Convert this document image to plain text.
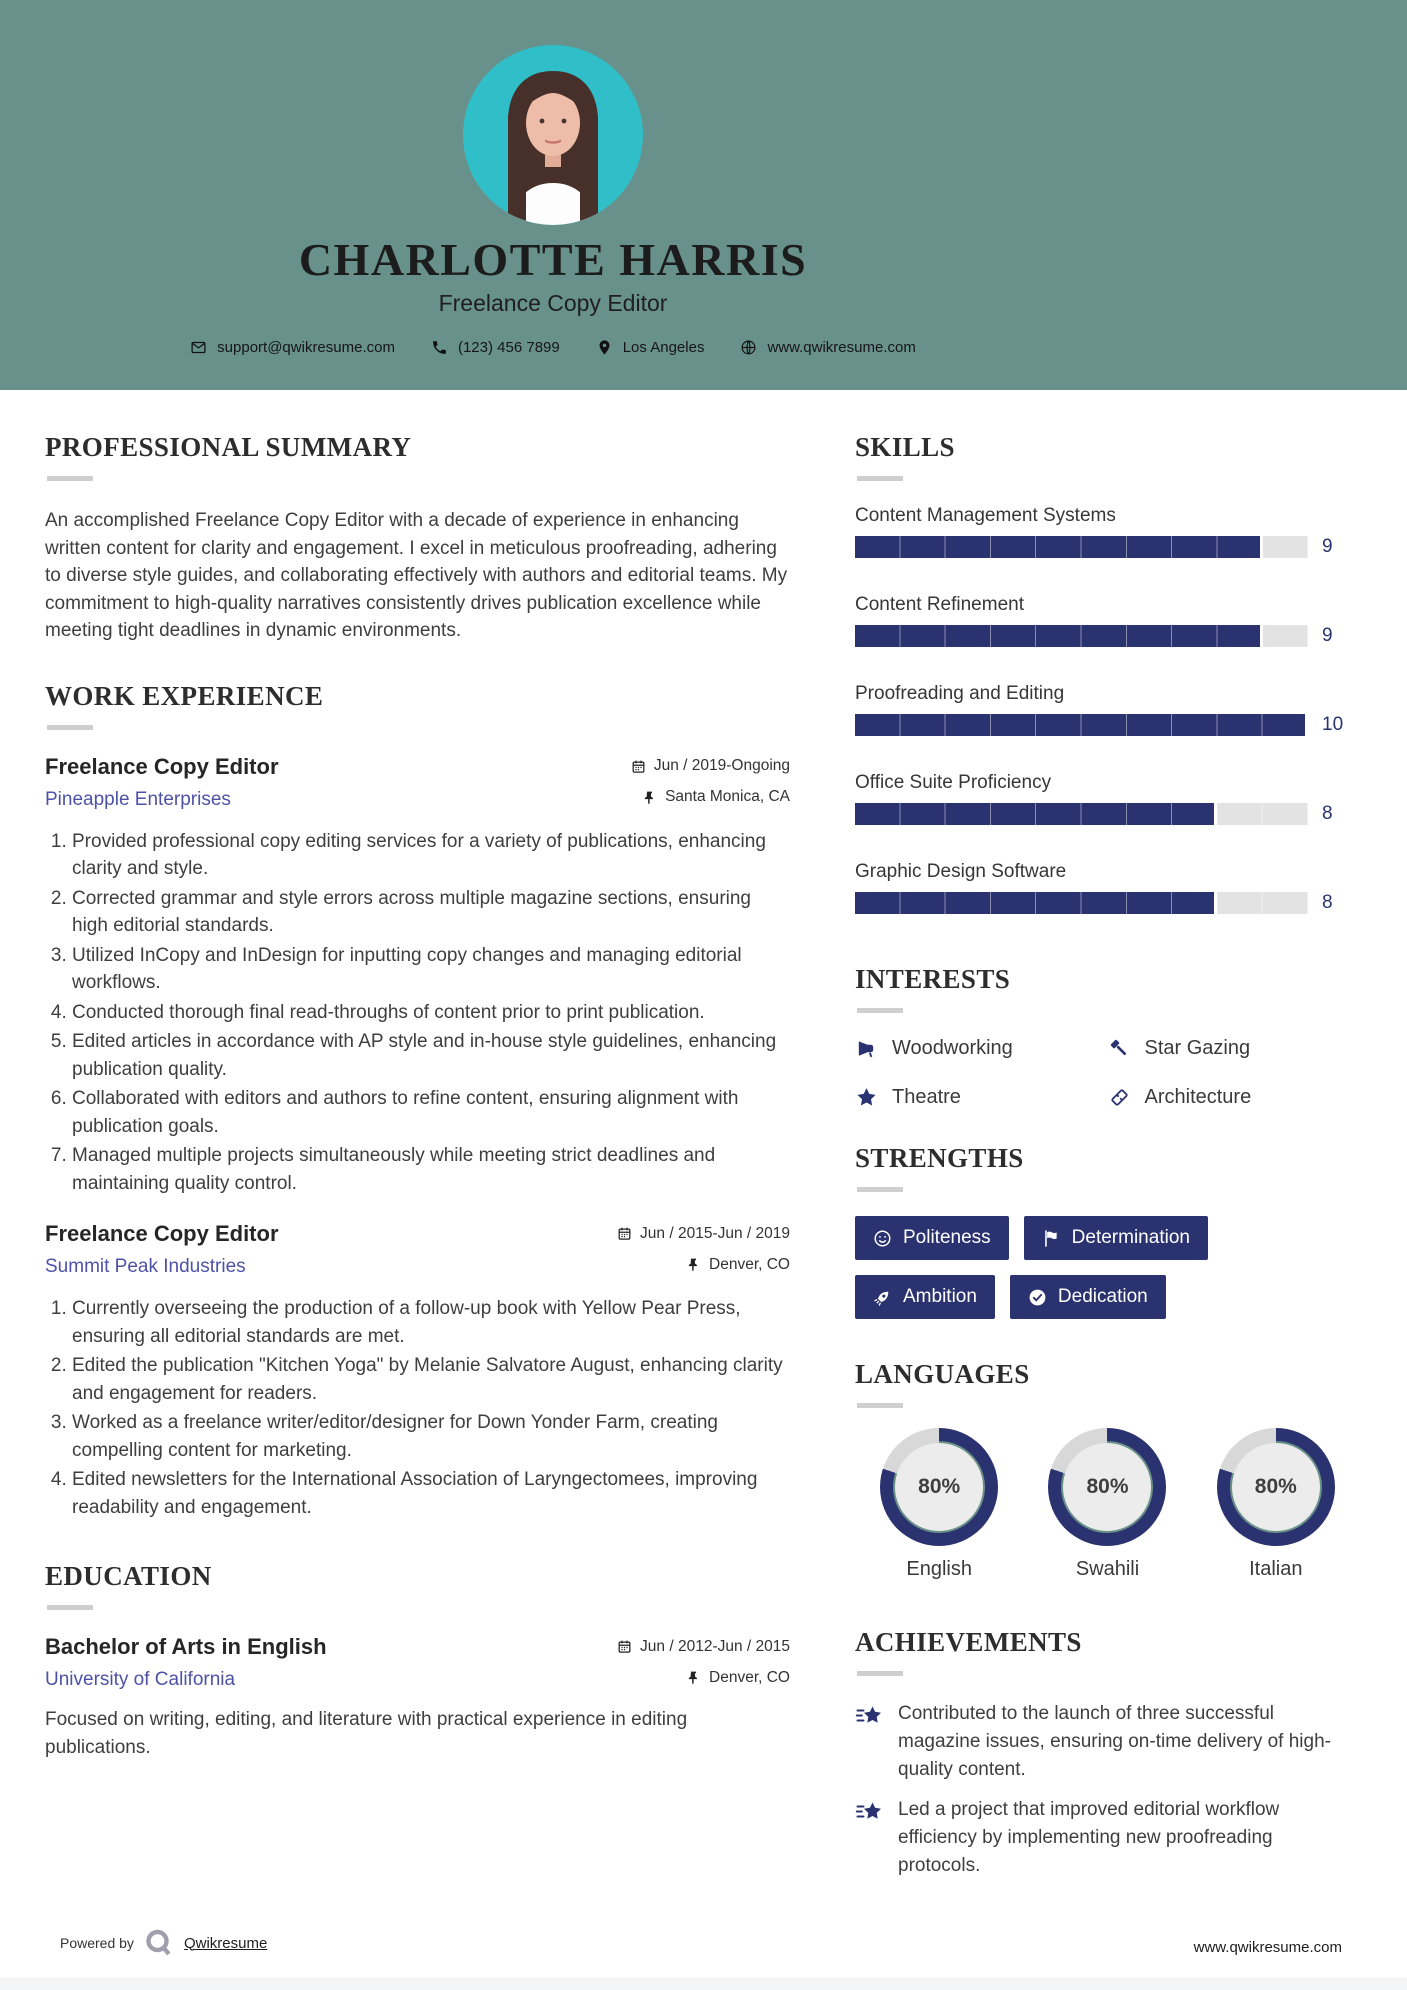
CHARLOTTE HARRIS
Freelance Copy Editor
support@qwikresume.com	(123) 456 7899	Los Angeles	www.qwikresume.com
PROFESSIONAL SUMMARY

An accomplished Freelance Copy Editor with a decade of experience in enhancing written content for clarity and engagement. I excel in meticulous proofreading, adhering to diverse style guides, and collaborating effectively with authors and editorial teams. My commitment to high-quality narratives consistently drives publication excellence while meeting tight deadlines in dynamic environments.

WORK EXPERIENCE
Freelance Copy Editor	Jun / 2019-Ongoing
Pineapple Enterprises	Santa Monica, CA
1. Provided professional copy editing services for a variety of publications, enhancing clarity and style.
2. Corrected grammar and style errors across multiple magazine sections, ensuring high editorial standards.
3. Utilized InCopy and InDesign for inputting copy changes and managing editorial workflows.
4. Conducted thorough final read-throughs of content prior to print publication.
5. Edited articles in accordance with AP style and in-house style guidelines, enhancing publication quality.
6. Collaborated with editors and authors to refine content, ensuring alignment with publication goals.
7. Managed multiple projects simultaneously while meeting strict deadlines and maintaining quality control.
Freelance Copy Editor	Jun / 2015-Jun / 2019
Summit Peak Industries	Denver, CO
1. Currently overseeing the production of a follow-up book with Yellow Pear Press, ensuring all editorial standards are met.
2. Edited the publication "Kitchen Yoga" by Melanie Salvatore August, enhancing clarity and engagement for readers.
3. Worked as a freelance writer/editor/designer for Down Yonder Farm, creating compelling content for marketing.
4. Edited newsletters for the International Association of Laryngectomees, improving readability and engagement.
EDUCATION
Bachelor of Arts in English	Jun / 2012-Jun / 2015
University of California	Denver, CO

Focused on writing, editing, and literature with practical experience in editing publications.

SKILLS
Content Management Systems
9
Content Refinement
9
Proofreading and Editing
10
Office Suite Proficiency
8
Graphic Design Software
8
INTERESTS
Woodworking	Star Gazing
Theatre	Architecture
STRENGTHS
Politeness	Determination
Ambition	Dedication
LANGUAGES
80%
English
80%
Swahili
80%
Italian
ACHIEVEMENTS
Contributed to the launch of three successful magazine issues, ensuring on-time delivery of high-quality content.
Led a project that improved editorial workflow efficiency by implementing new proofreading protocols.
Powered by	Qwikresume	www.qwikresume.com
